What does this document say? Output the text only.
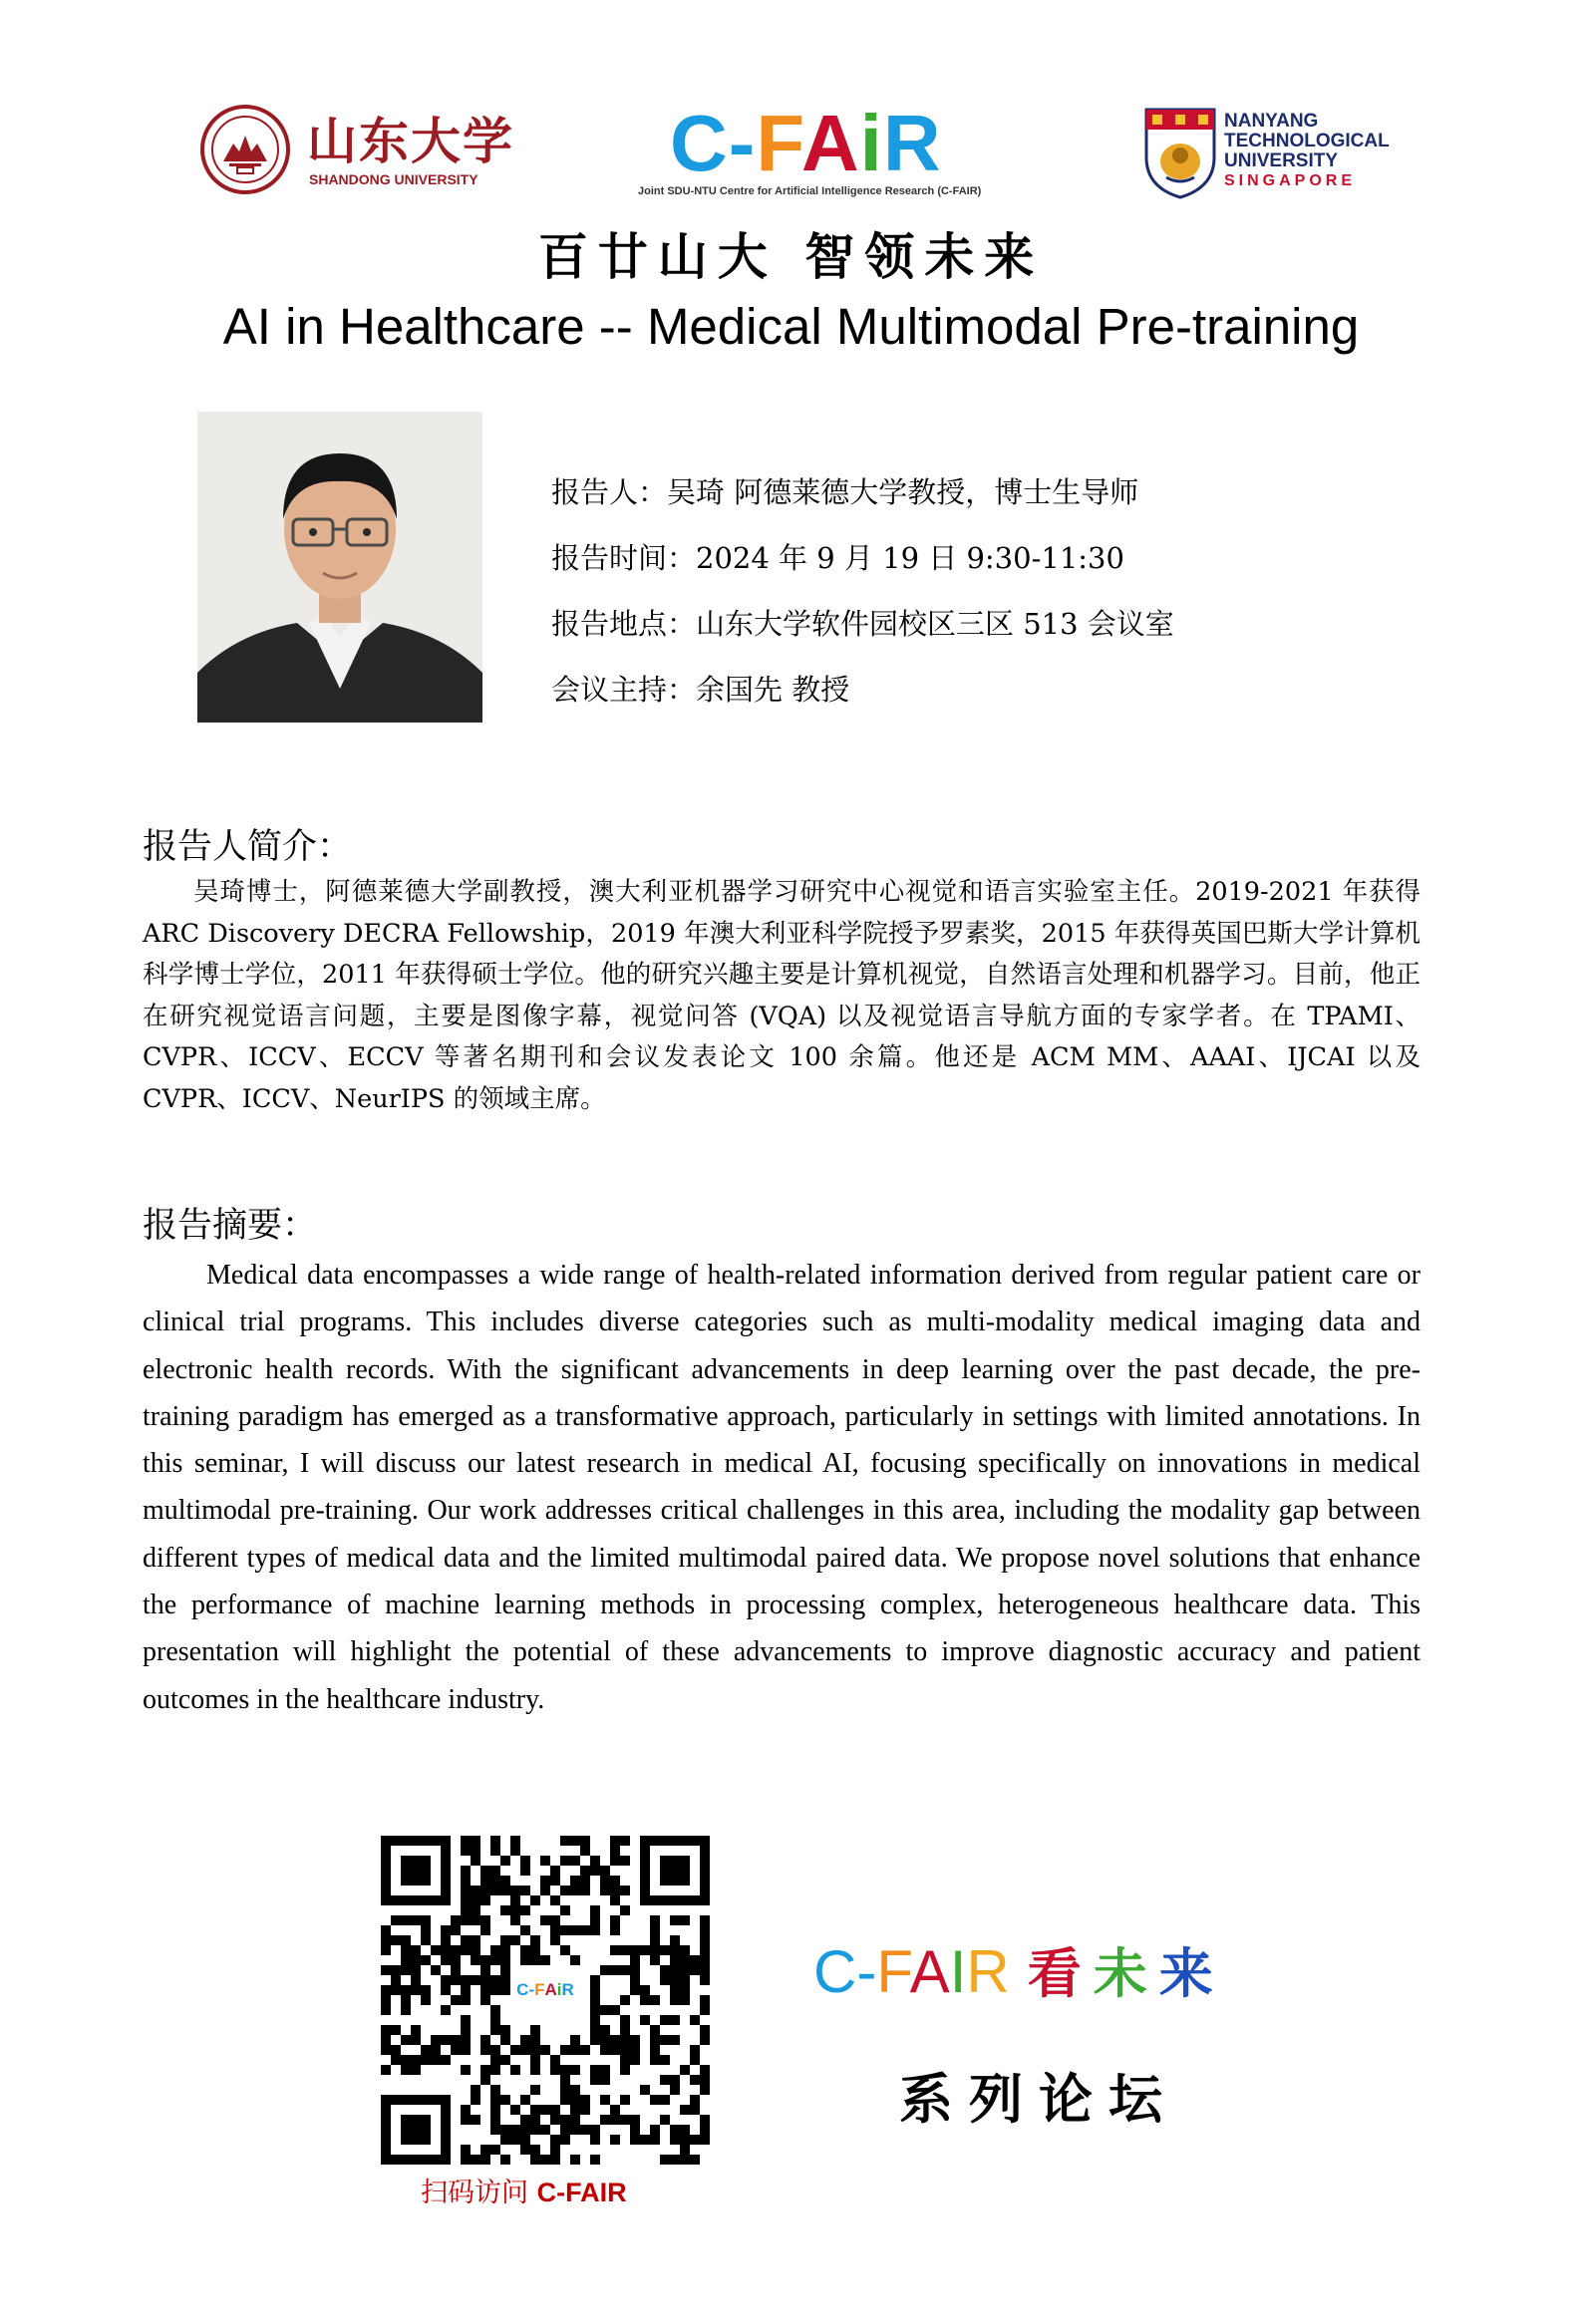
山东大学
SHANDONG UNIVERSITY C-FAiR
Joint SDU-NTU Centre for Artificial Intelligence Research (C-FAIR)
NANYANG
TECHNOLOGICAL
UNIVERSITY
SINGAPORE
百廿山大 智领未来
AI in Healthcare -- Medical Multimodal Pre-training
报告人：吴琦 阿德莱德大学教授，博士生导师
报告时间：2024 年 9 月 19 日 9:30-11:30
报告地点：山东大学软件园校区三区 513 会议室
会议主持：余国先 教授
报告人简介：
吴琦博士，阿德莱德大学副教授，澳大利亚机器学习研究中心视觉和语言实验室主任。2019-2021 年获得 ARC Discovery DECRA Fellowship，2019 年澳大利亚科学院授予罗素奖，2015 年获得英国巴斯大学计算机科学博士学位，2011 年获得硕士学位。他的研究兴趣主要是计算机视觉，自然语言处理和机器学习。目前，他正在研究视觉语言问题，主要是图像字幕，视觉问答 (VQA) 以及视觉语言导航方面的专家学者。在 TPAMI、CVPR、ICCV、ECCV 等著名期刊和会议发表论文 100 余篇。他还是 ACM MM、AAAI、IJCAI 以及 CVPR、ICCV、NeurIPS 的领域主席。
报告摘要：
Medical data encompasses a wide range of health-related information derived from regular patient care or clinical trial programs. This includes diverse categories such as multi-modality medical imaging data and electronic health records. With the significant advancements in deep learning over the past decade, the pre-training paradigm has emerged as a transformative approach, particularly in settings with limited annotations. In this seminar, I will discuss our latest research in medical AI, focusing specifically on innovations in medical multimodal pre-training. Our work addresses critical challenges in this area, including the modality gap between different types of medical data and the limited multimodal paired data. We propose novel solutions that enhance the performance of machine learning methods in processing complex, heterogeneous healthcare data. This presentation will highlight the potential of these advancements to improve diagnostic accuracy and patient outcomes in the healthcare industry.
C - F A i R
扫码访问 C-FAIR
C-FAIR 看未来
系列论坛
